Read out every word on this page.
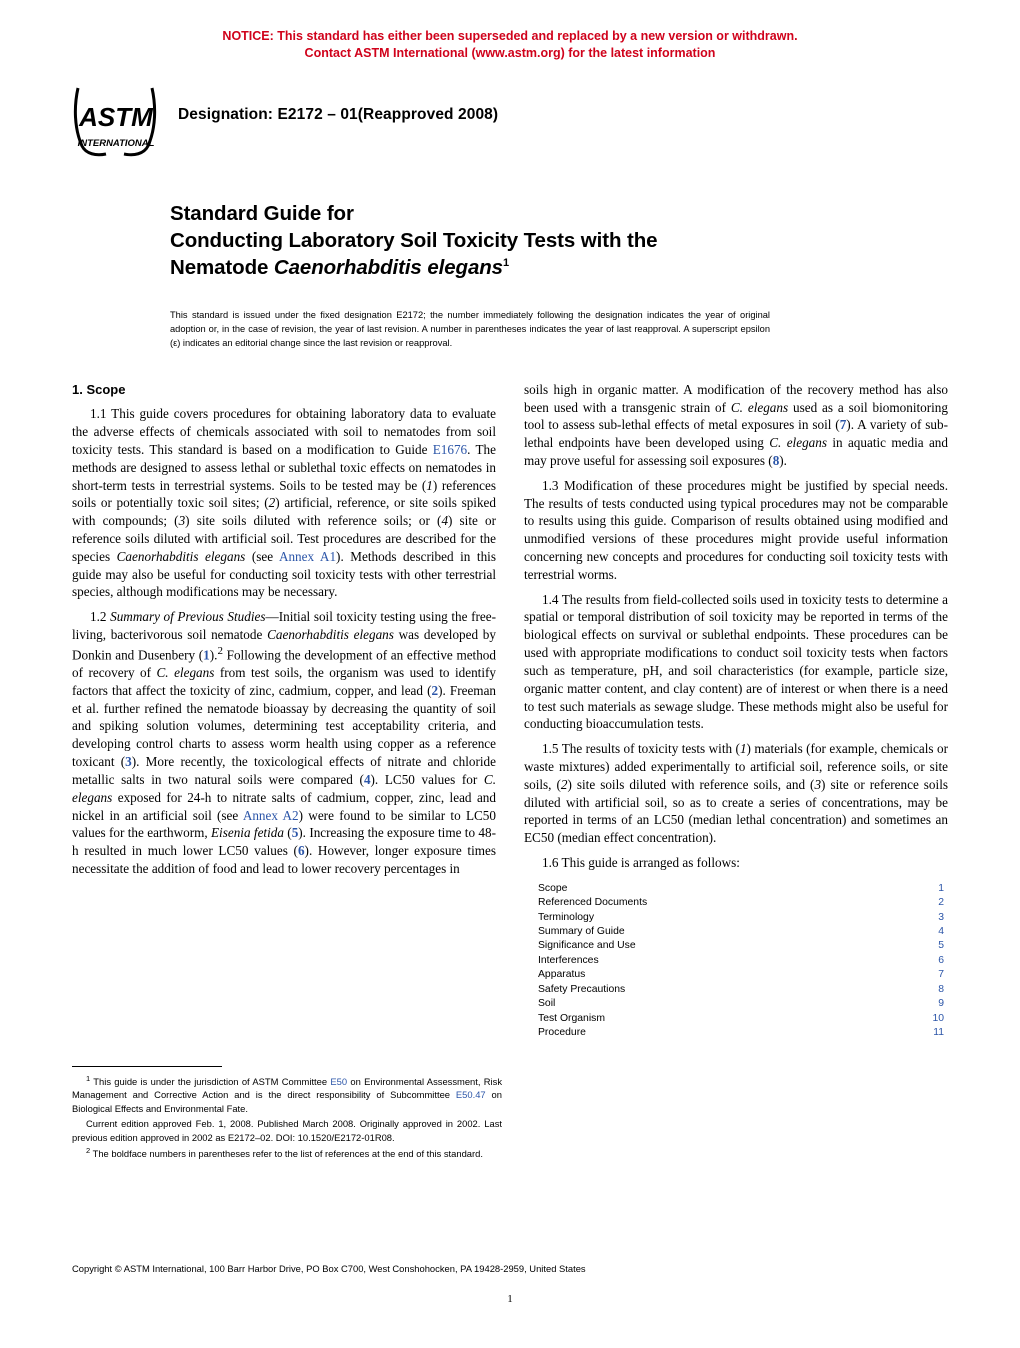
NOTICE: This standard has either been superseded and replaced by a new version or withdrawn.
Contact ASTM International (www.astm.org) for the latest information
ASTM
INTERNATIONAL
Designation: E2172 – 01(Reapproved 2008)
Standard Guide for
Conducting Laboratory Soil Toxicity Tests with the
Nematode Caenorhabditis elegans$^1$
This standard is issued under the fixed designation E2172; the number immediately following the designation indicates the year of original adoption or, in the case of revision, the year of last revision. A number in parentheses indicates the year of last reapproval. A superscript epsilon (ε) indicates an editorial change since the last revision or reapproval.
1. Scope

1.1 This guide covers procedures for obtaining laboratory data to evaluate the adverse effects of chemicals associated with soil to nematodes from soil toxicity tests. This standard is based on a modification to Guide E1676. The methods are designed to assess lethal or sublethal toxic effects on nematodes in short-term tests in terrestrial systems. Soils to be tested may be (1) references soils or potentially toxic soil sites; (2) artificial, reference, or site soils spiked with compounds; (3) site soils diluted with reference soils; or (4) site or reference soils diluted with artificial soil. Test procedures are described for the species Caenorhabditis elegans (see Annex A1). Methods described in this guide may also be useful for conducting soil toxicity tests with other terrestrial species, although modifications may be necessary.

1.2 Summary of Previous Studies—Initial soil toxicity testing using the free-living, bacterivorous soil nematode Caenorhabditis elegans was developed by Donkin and Dusenbery (1).$^2$ Following the development of an effective method of recovery of C. elegans from test soils, the organism was used to identify factors that affect the toxicity of zinc, cadmium, copper, and lead (2). Freeman et al. further refined the nematode bioassay by decreasing the quantity of soil and spiking solution volumes, determining test acceptability criteria, and developing control charts to assess worm health using copper as a reference toxicant (3). More recently, the toxicological effects of nitrate and chloride metallic salts in two natural soils were compared (4). LC50 values for C. elegans exposed for 24-h to nitrate salts of cadmium, copper, zinc, lead and nickel in an artificial soil (see Annex A2) were found to be similar to LC50 values for the earthworm, Eisenia fetida (5). Increasing the exposure time to 48-h resulted in much lower LC50 values (6). However, longer exposure times necessitate the addition of food and lead to lower recovery percentages in

soils high in organic matter. A modification of the recovery method has also been used with a transgenic strain of C. elegans used as a soil biomonitoring tool to assess sub-lethal effects of metal exposures in soil (7). A variety of sub-lethal endpoints have been developed using C. elegans in aquatic media and may prove useful for assessing soil exposures (8).

1.3 Modification of these procedures might be justified by special needs. The results of tests conducted using typical procedures may not be comparable to results using this guide. Comparison of results obtained using modified and unmodified versions of these procedures might provide useful information concerning new concepts and procedures for conducting soil toxicity tests with terrestrial worms.

1.4 The results from field-collected soils used in toxicity tests to determine a spatial or temporal distribution of soil toxicity may be reported in terms of the biological effects on survival or sublethal endpoints. These procedures can be used with appropriate modifications to conduct soil toxicity tests when factors such as temperature, pH, and soil characteristics (for example, particle size, organic matter content, and clay content) are of interest or when there is a need to test such materials as sewage sludge. These methods might also be useful for conducting bioaccumulation tests.

1.5 The results of toxicity tests with (1) materials (for example, chemicals or waste mixtures) added experimentally to artificial soil, reference soils, or site soils, (2) site soils diluted with reference soils, and (3) site or reference soils diluted with artificial soil, so as to create a series of concentrations, may be reported in terms of an LC50 (median lethal concentration) and sometimes an EC50 (median effect concentration).

1.6 This guide is arranged as follows:

Scope	1
Referenced Documents	2
Terminology	3
Summary of Guide	4
Significance and Use	5
Interferences	6
Apparatus	7
Safety Precautions	8
Soil	9
Test Organism	10
Procedure	11

$^1$ This guide is under the jurisdiction of ASTM Committee E50 on Environmental Assessment, Risk Management and Corrective Action and is the direct responsibility of Subcommittee E50.47 on Biological Effects and Environmental Fate.

Current edition approved Feb. 1, 2008. Published March 2008. Originally approved in 2002. Last previous edition approved in 2002 as E2172–02. DOI: 10.1520/E2172-01R08.

$^2$ The boldface numbers in parentheses refer to the list of references at the end of this standard.

Copyright © ASTM International, 100 Barr Harbor Drive, PO Box C700, West Conshohocken, PA 19428-2959, United States
1
